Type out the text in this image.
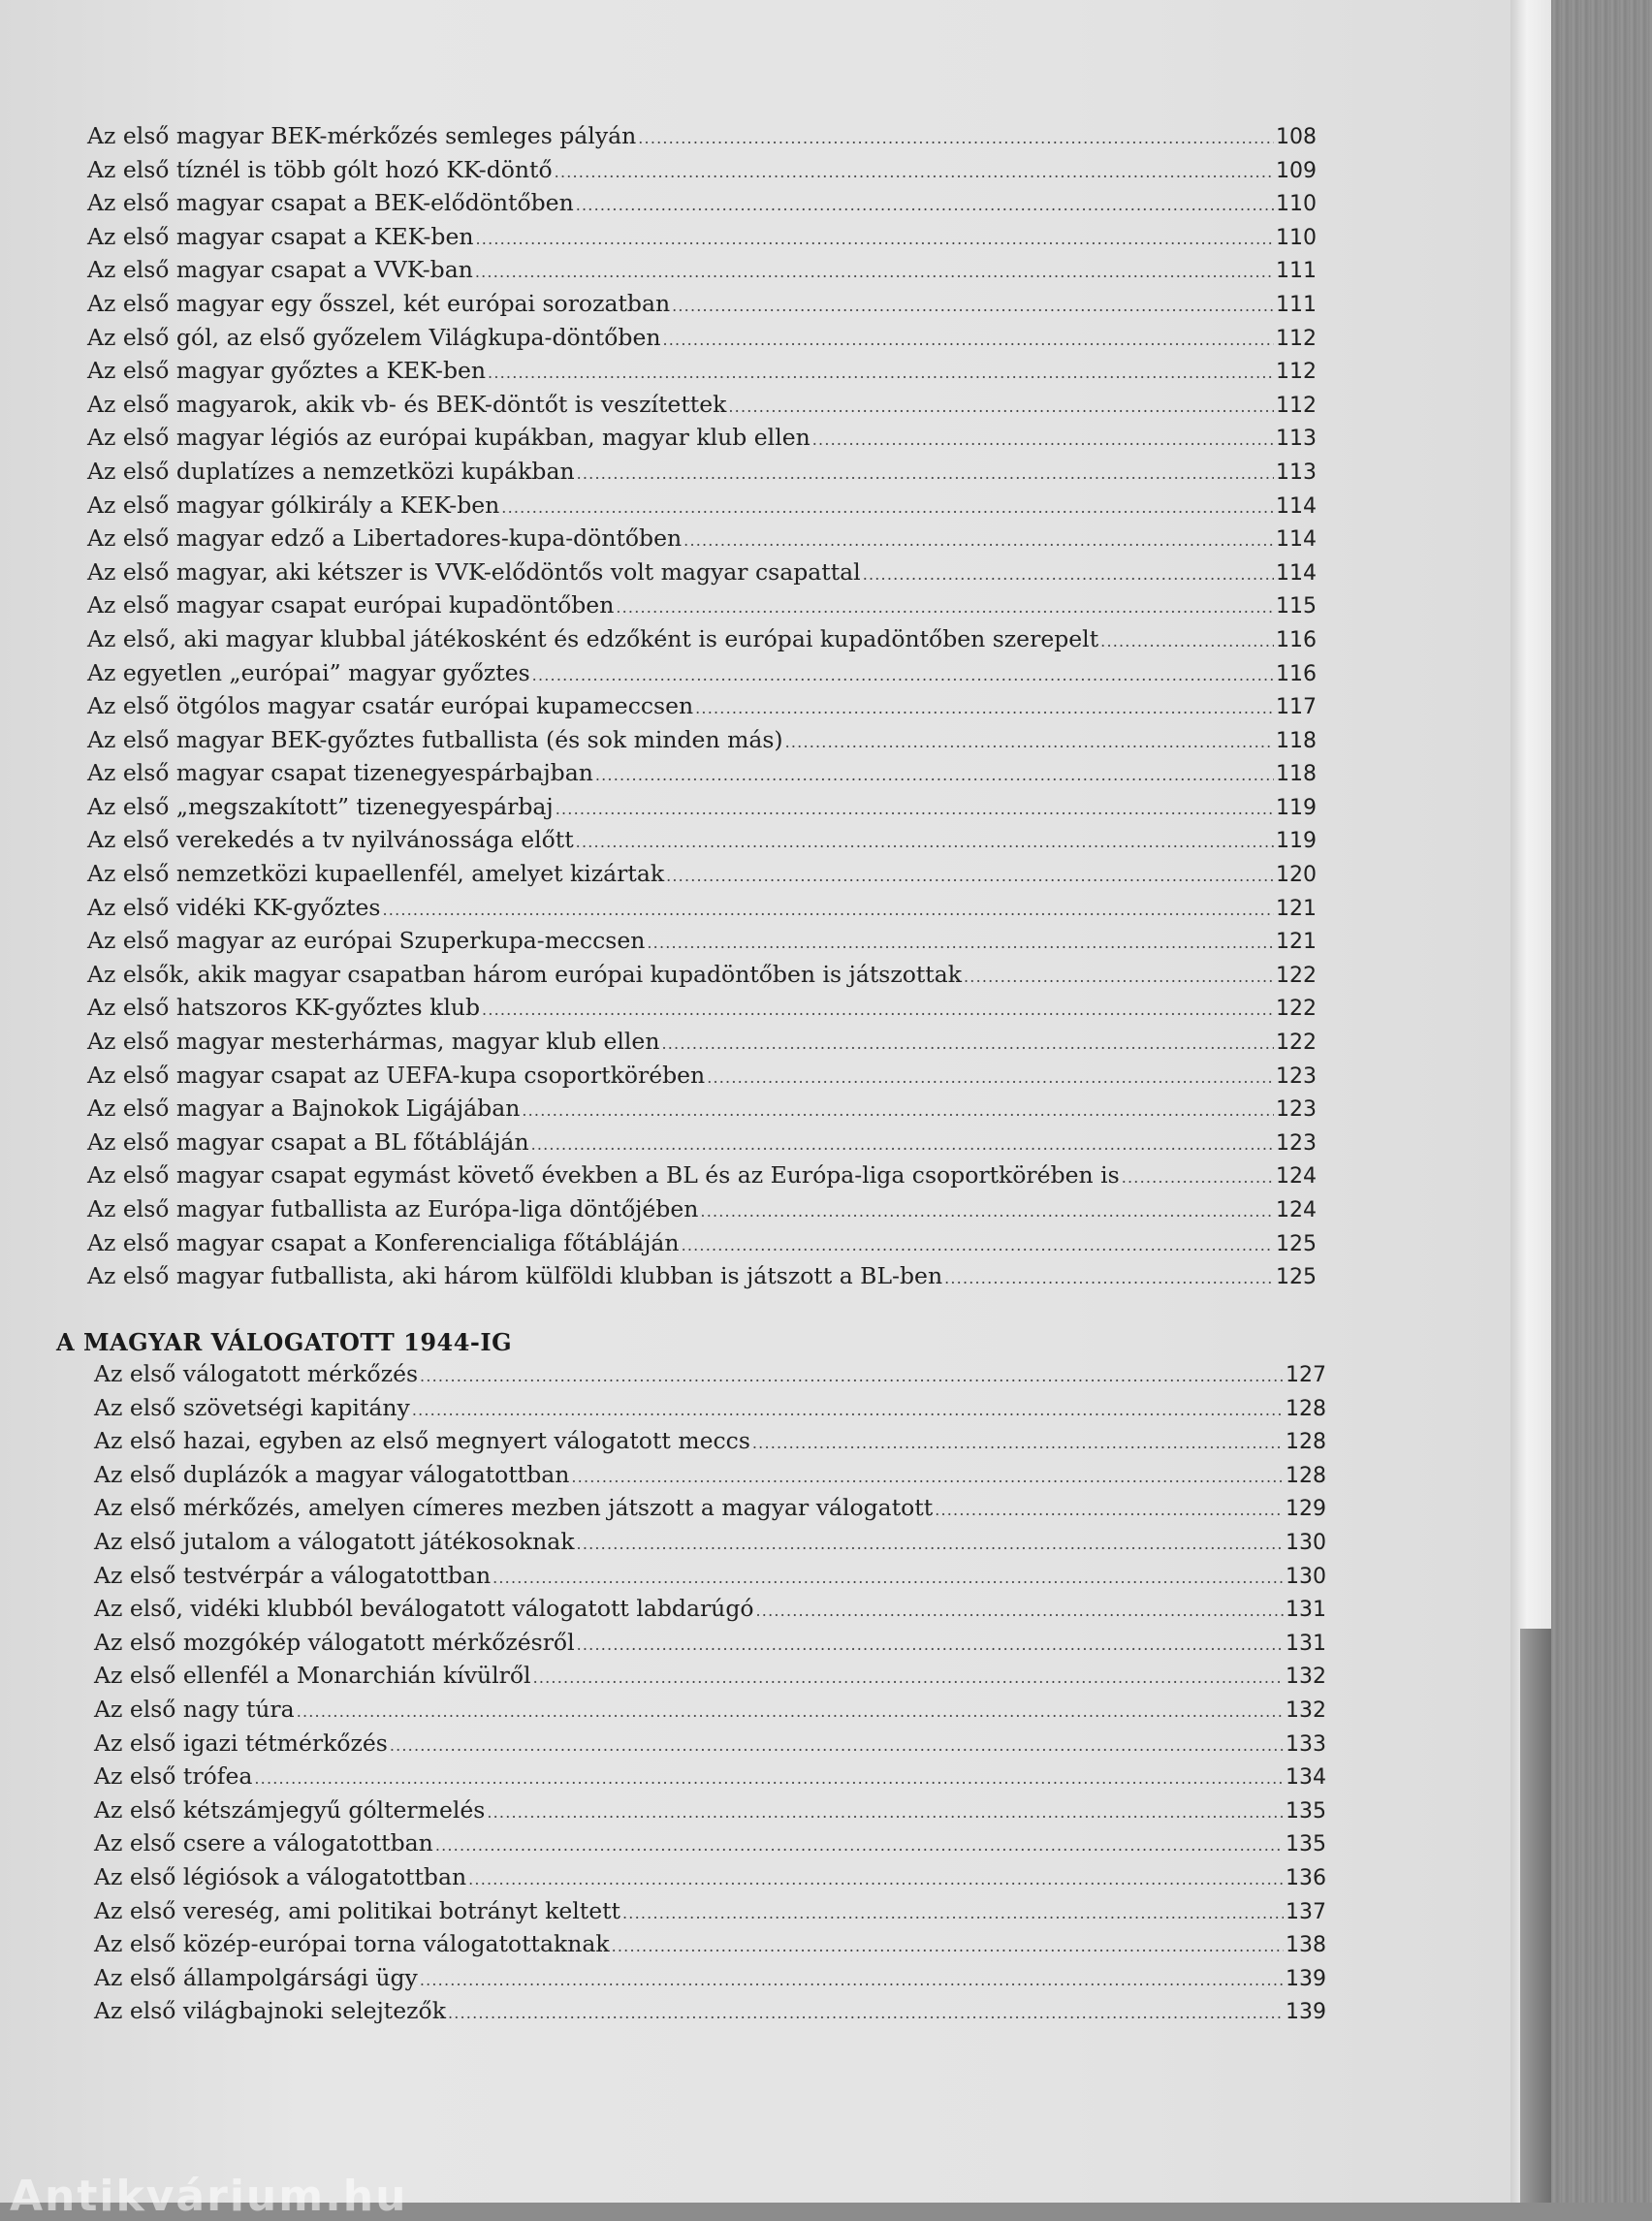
Az első magyar BEK-mérkőzés semleges pályán .....	108
Az első tíznél is több gólt hozó KK-döntő .....	109
Az első magyar csapat a BEK-elődöntőben .....	110
Az első magyar csapat a KEK-ben .....	110
Az első magyar csapat a VVK-ban .....	111
Az első magyar egy ősszel, két európai sorozatban .....	111
Az első gól, az első győzelem Világkupa-döntőben .....	112
Az első magyar győztes a KEK-ben .....	112
Az első magyarok, akik vb- és BEK-döntőt is veszítettek .....	112
Az első magyar légiós az európai kupákban, magyar klub ellen .....	113
Az első duplatízes a nemzetközi kupákban .....	113
Az első magyar gólkirály a KEK-ben .....	114
Az első magyar edző a Libertadores-kupa-döntőben .....	114
Az első magyar, aki kétszer is VVK-elődöntős volt magyar csapattal .....	114
Az első magyar csapat európai kupadöntőben .....	115
Az első, aki magyar klubbal játékosként és edzőként is európai kupadöntőben szerepelt .....	116
Az egyetlen „európai” magyar győztes .....	116
Az első ötgólos magyar csatár európai kupameccsen .....	117
Az első magyar BEK-győztes futballista (és sok minden más) .....	118
Az első magyar csapat tizenegyespárbajban .....	118
Az első „megszakított” tizenegyespárbaj .....	119
Az első verekedés a tv nyilvánossága előtt .....	119
Az első nemzetközi kupaellenfél, amelyet kizártak .....	120
Az első vidéki KK-győztes .....	121
Az első magyar az európai Szuperkupa-meccsen .....	121
Az elsők, akik magyar csapatban három európai kupadöntőben is játszottak .....	122
Az első hatszoros KK-győztes klub .....	122
Az első magyar mesterhármas, magyar klub ellen .....	122
Az első magyar csapat az UEFA-kupa csoportkörében .....	123
Az első magyar a Bajnokok Ligájában .....	123
Az első magyar csapat a BL főtábláján .....	123
Az első magyar csapat egymást követő években a BL és az Európa-liga csoportkörében is .....	124
Az első magyar futballista az Európa-liga döntőjében .....	124
Az első magyar csapat a Konferencialiga főtábláján .....	125
Az első magyar futballista, aki három külföldi klubban is játszott a BL-ben .....	125
A MAGYAR VÁLOGATOTT 1944-IG
Az első válogatott mérkőzés .....	127
Az első szövetségi kapitány .....	128
Az első hazai, egyben az első megnyert válogatott meccs .....	128
Az első duplázók a magyar válogatottban .....	128
Az első mérkőzés, amelyen címeres mezben játszott a magyar válogatott .....	129
Az első jutalom a válogatott játékosoknak .....	130
Az első testvérpár a válogatottban .....	130
Az első, vidéki klubból beválogatott válogatott labdarúgó .....	131
Az első mozgókép válogatott mérkőzésről .....	131
Az első ellenfél a Monarchián kívülről .....	132
Az első nagy túra .....	132
Az első igazi tétmérkőzés .....	133
Az első trófea .....	134
Az első kétszámjegyű góltermelés .....	135
Az első csere a válogatottban .....	135
Az első légiósok a válogatottban .....	136
Az első vereség, ami politikai botrányt keltett .....	137
Az első közép-európai torna válogatottaknak .....	138
Az első állampolgársági ügy .....	139
Az első világbajnoki selejtezők .....	139
Antikvárium.hu
